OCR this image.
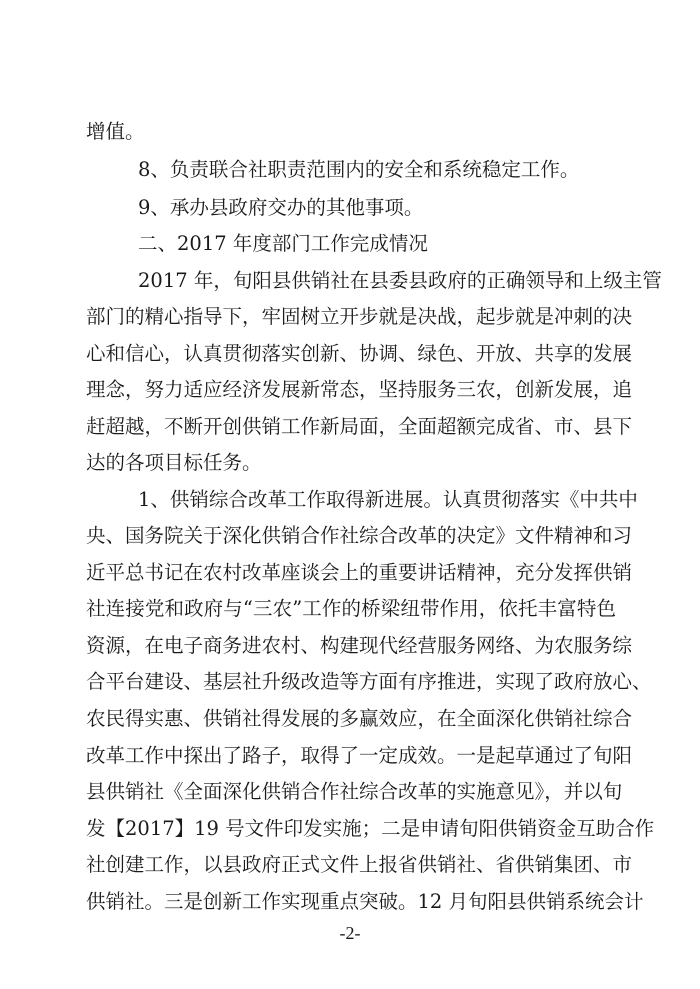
增值。
8、负责联合社职责范围内的安全和系统稳定工作。
9、承办县政府交办的其他事项。
二、2017 年度部门工作完成情况
2017 年，旬阳县供销社在县委县政府的正确领导和上级主管
部门的精心指导下，牢固树立开步就是决战，起步就是冲刺的决
心和信心，认真贯彻落实创新、协调、绿色、开放、共享的发展
理念，努力适应经济发展新常态，坚持服务三农，创新发展，追
赶超越，不断开创供销工作新局面，全面超额完成省、市、县下
达的各项目标任务。
1、供销综合改革工作取得新进展。认真贯彻落实《中共中
央、国务院关于深化供销合作社综合改革的决定》文件精神和习
近平总书记在农村改革座谈会上的重要讲话精神，充分发挥供销
社连接党和政府与“三农”工作的桥梁纽带作用，依托丰富特色
资源，在电子商务进农村、构建现代经营服务网络、为农服务综
合平台建设、基层社升级改造等方面有序推进，实现了政府放心、
农民得实惠、供销社得发展的多赢效应，在全面深化供销社综合
改革工作中探出了路子，取得了一定成效。一是起草通过了旬阳
县供销社《全面深化供销合作社综合改革的实施意见》，并以旬
发【2017】19 号文件印发实施；二是申请旬阳供销资金互助合作
社创建工作，以县政府正式文件上报省供销社、省供销集团、市
供销社。三是创新工作实现重点突破。12 月旬阳县供销系统会计
-2-
